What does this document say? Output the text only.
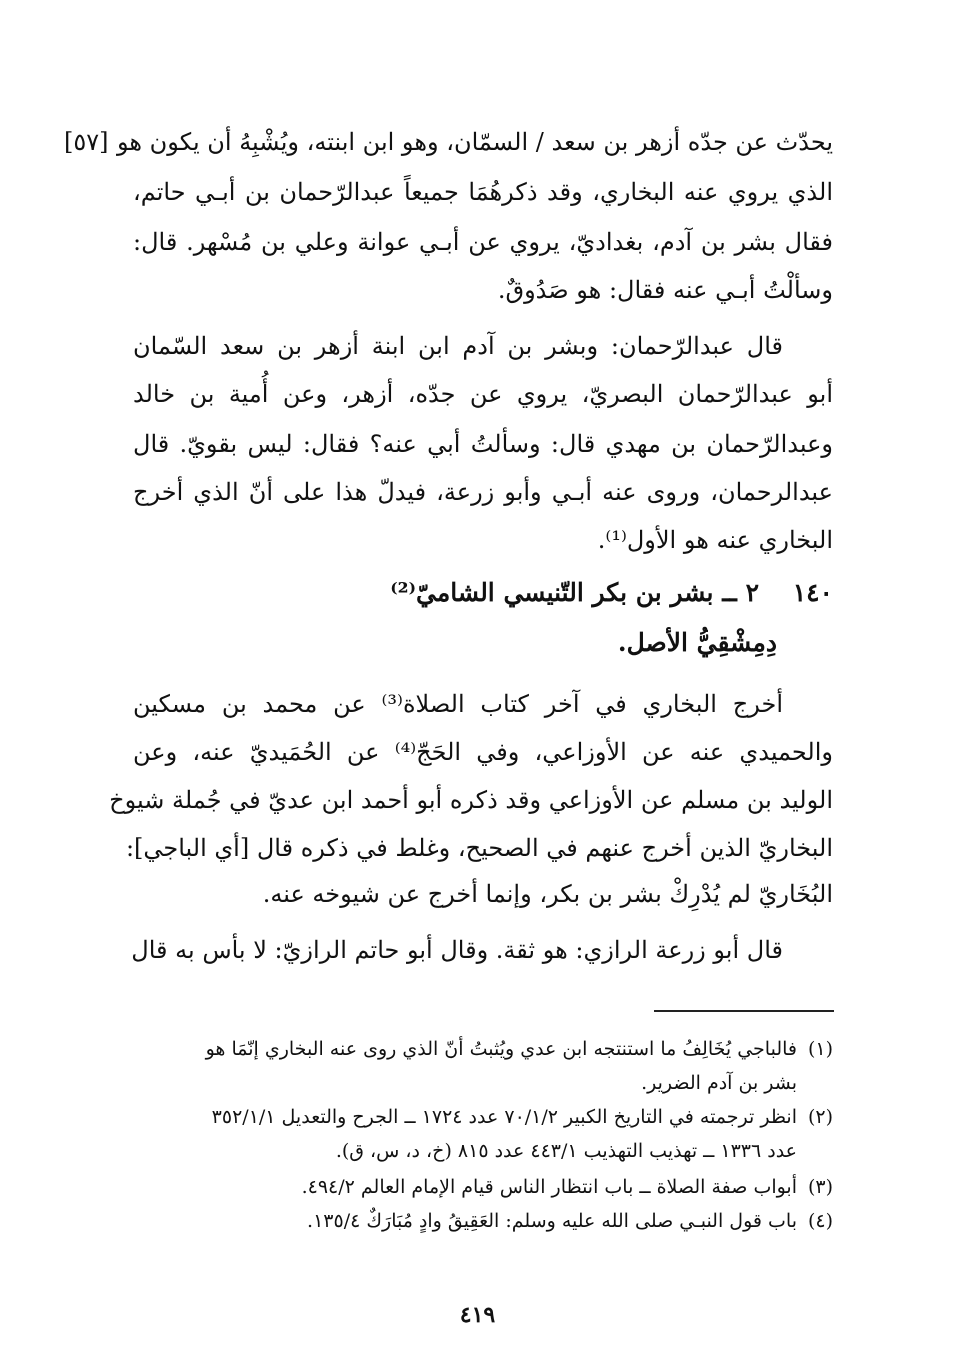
[٥٧] يحدّث عن جدّه أزهر بن سعد / السمّان، وهو ابن ابنته، ويُشْبِهُ أن يكون هو
الذي يروي عنه البخاري، وقد ذكرهُمَا جميعاً عبدالرّحمان بن أبـي حاتم،
فقال بشر بن آدم، بغداديّ، يروي عن أبـي عوانة وعلي بن مُسْهر. قال:
وسألْتُ أبـي عنه فقال: هو صَدُوقٌ.
قال عبدالرّحمان: وبشر بن آدم ابن ابنة أزهر بن سعد السّمان
أبو عبدالرّحمان البصريّ، يروي عن جدّه، أزهر، وعن أُمية بن خالد
وعبدالرّحمان بن مهدي قال: وسألتُ أبي عنه؟ فقال: ليس بقويّ. قال
عبدالرحمان، وروى عنه أبـي وأبو زرعة، فيدلّ هذا على أنّ الذي أخرج
البخاري عنه هو الأول⁽¹⁾.
١٤٠
٢ ــ بشر بن بكر التّنيسي الشاميّ⁽²⁾
دِمِشْقِيُّ الأصل.
أخرج البخاري في آخر كتاب الصلاة⁽³⁾ عن محمد بن مسكين
والحميدي عنه عن الأوزاعي، وفي الحَجّ⁽⁴⁾ عن الحُمَيديّ عنه، وعن
الوليد بن مسلم عن الأوزاعي وقد ذكره أبو أحمد ابن عديّ في جُملة شيوخ
البخاريّ الذين أخرج عنهم في الصحيح، وغلط في ذكره قال [أي الباجي]:
البُخَاريّ لم يُدْرِكْ بشر بن بكر، وإنما أخرج عن شيوخه عنه.
قال أبو زرعة الرازي: هو ثقة. وقال أبو حاتم الرازيّ: لا بأس به قال
(١)فالباجي يُخَالِفُ ما استنتجه ابن عدي ويُثبتُ أنّ الذي روى عنه البخاري إنّمَا هو
بشر بن آدم الضرير.
(٢)انظر ترجمته في التاريخ الكبير ٧٠/١/٢ عدد ١٧٢٤ ــ الجرح والتعديل ٣٥٢/١/١
عدد ١٣٣٦ ــ تهذيب التهذيب ٤٤٣/١ عدد ٨١٥ (خ، د، س، ق).
(٣)أبواب صفة الصلاة ــ باب انتظار الناس قيام الإمام العالم ٤٩٤/٢.
(٤)باب قول النبـي صلى الله عليه وسلم: العَقِيقُ وادٍ مُبَارَكٌ ١٣٥/٤.
٤١٩
